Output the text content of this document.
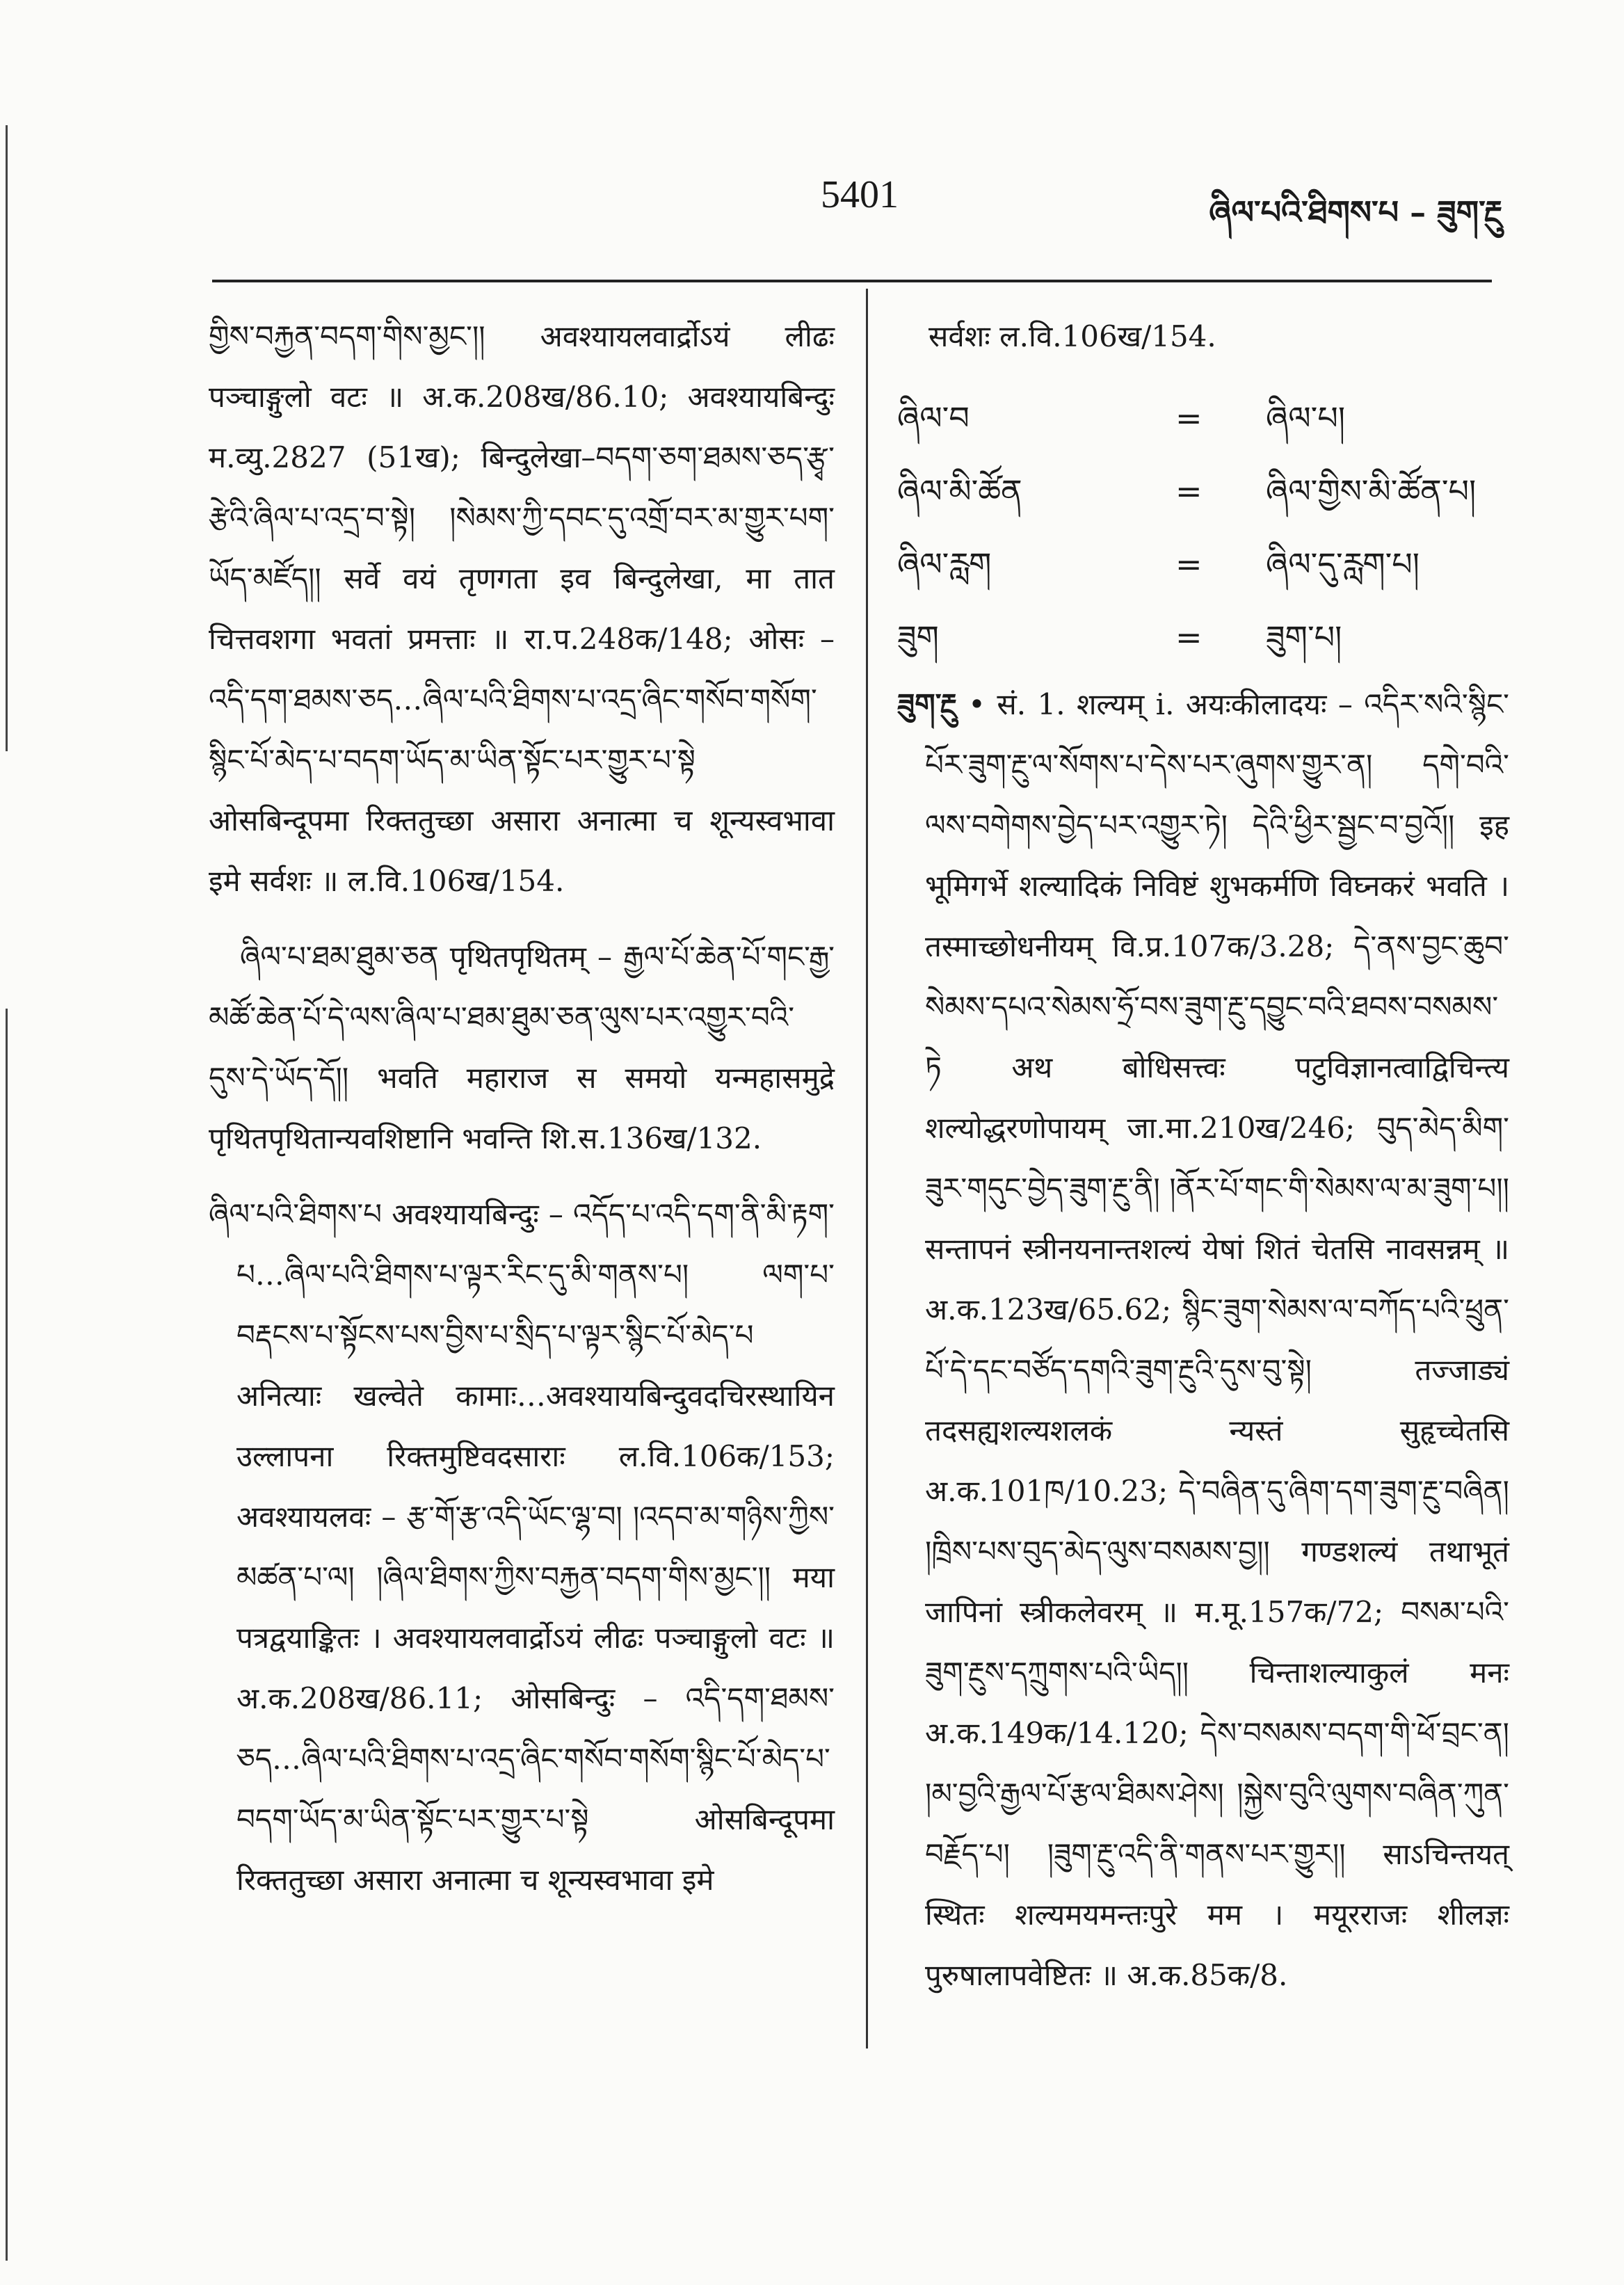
5401	ཞིལ་པའི་ཐིགས་པ – ཟུག་རྔུ

གྱིས་བརྐྱན་བདག་གིས་མྱང་།། अवश्यायलवार्द्रोऽयं लीढः पञ्चाङ्गुलो वटः ॥ अ.क.208ख/86.10; अवश्यायबिन्दुः म.व्यु.2827 (51ख); बिन्दुलेखा–བདག་ཅག་ཐམས་ཅད་རྩྭ་རྩེའི་ཞིལ་པ་འདྲ་བ་སྟེ། །སེམས་ཀྱི་དབང་དུ་འགྲོ་བར་མ་གྱུར་པག་ཡོད་མཛོད།། सर्वे वयं तृणगता इव बिन्दुलेखा, मा तात चित्तवशगा भवतां प्रमत्ताः ॥ रा.प.248क/148; ओसः – འདི་དག་ཐམས་ཅད…ཞིལ་པའི་ཐིགས་པ་འདྲ་ཞིང་གསོབ་གསོག་སྙིང་པོ་མེད་པ་བདག་ཡོད་མ་ཡིན་སྟོང་པར་གྱུར་པ་སྟེ ओसबिन्दूपमा रिक्ततुच्छा असारा अनात्मा च शून्यस्वभावा इमे सर्वशः ॥ ल.वि.106ख/154.

ཞིལ་པ་ཐམ་ཐུམ་ཅན पृथितपृथितम् – རྒྱལ་པོ་ཆེན་པོ་གང་རྒྱ་མཚོ་ཆེན་པོ་དེ་ལས་ཞིལ་པ་ཐམ་ཐུམ་ཅན་ལུས་པར་འགྱུར་བའི་དུས་དེ་ཡོད་དོ།། भवति महाराज स समयो यन्महासमुद्रे पृथितपृथितान्यवशिष्टानि भवन्ति शि.स.136ख/132.

ཞིལ་པའི་ཐིགས་པ अवश्यायबिन्दुः – འདོད་པ་འདི་དག་ནི་མི་རྟག་པ…ཞིལ་པའི་ཐིགས་པ་ལྟར་རིང་དུ་མི་གནས་པ། ལག་པ་བརྡངས་པ་སྟོངས་པས་བྱིས་པ་སྲིད་པ་ལྟར་སྙིང་པོ་མེད་པ अनित्याः खल्वेते कामाः…अवश्यायबिन्दुवदचिरस्थायिन उल्लापना रिक्तमुष्टिवदसाराः ल.वि.106क/153; अवश्यायलवः – རྩ་གོ་རྩ་འདི་ཡོང་ལྷ་བ། །འདབ་མ་གཉིས་ཀྱིས་མཚན་པ་ལ། །ཞིལ་ཐིགས་ཀྱིས་བརྐྱན་བདག་གིས་མྱང་།། मया पत्रद्वयाङ्कितः । अवश्यायलवार्द्रोऽयं लीढः पञ्चाङ्गुलो वटः ॥ अ.क.208ख/86.11; ओसबिन्दुः – འདི་དག་ཐམས་ཅད…ཞིལ་པའི་ཐིགས་པ་འདྲ་ཞིང་གསོབ་གསོག་སྙིང་པོ་མེད་པ་བདག་ཡོད་མ་ཡིན་སྟོང་པར་གྱུར་པ་སྟེ ओसबिन्दूपमा रिक्ततुच्छा असारा अनात्मा च शून्यस्वभावा इमे

सर्वशः ल.वि.106ख/154.

ཞིལ་བ	=	ཞིལ་པ།
ཞིལ་མི་ཚོན	=	ཞིལ་གྱིས་མི་ཚོན་པ།
ཞིལ་རླག	=	ཞིལ་དུ་རླག་པ།
ཟུག	=	ཟུག་པ།

ཟུག་རྔུ • सं. 1. शल्यम् i. अयःकीलादयः – འདིར་སའི་སྙིང་པོར་ཟུག་རྔུ་ལ་སོགས་པ་དེས་པར་ཞུགས་གྱུར་ན། དགེ་བའི་ལས་བགེགས་བྱེད་པར་འགྱུར་ཏེ། དེའི་ཕྱིར་སྦྱང་བ་བྱའོ།། इह भूमिगर्भे शल्यादिकं निविष्टं शुभकर्मणि विघ्नकरं भवति । तस्माच्छोधनीयम् वि.प्र.107क/3.28; དེ་ནས་བྱང་ཆུབ་སེམས་དཔའ་སེམས་ཧྲོ་བས་ཟུག་རྔུ་དབྱུང་བའི་ཐབས་བསམས་ཏེ अथ बोधिसत्त्वः पटुविज्ञानत्वाद्विचिन्त्य शल्योद्धरणोपायम् जा.मा.210ख/246; བུད་མེད་མིག་ཟུར་གདུང་བྱེད་ཟུག་རྔུ་ནི། །ནོར་པོ་གང་གི་སེམས་ལ་མ་ཟུག་པ།། सन्तापनं स्त्रीनयनान्तशल्यं येषां शितं चेतसि नावसन्नम् ॥ अ.क.123ख/65.62; སྙིང་ཟུག་སེམས་ལ་བཀོད་པའི་ཕྲུན་པོ་དེ་དང་བཙོད་དགའི་ཟུག་རྔུའི་དུས་བུ་སྟེ། तज्जाड्यं तदसह्यशल्यशलकं न्यस्तं सुहृच्चेतसि अ.क.101ཁ/10.23; དེ་བཞིན་དུ་ཞིག་དག་ཟུག་རྔུ་བཞིན། །ཁྲིས་པས་བུད་མེད་ལུས་བསམས་བྱ།། गण्डशल्यं तथाभूतं जापिनां स्त्रीकलेवरम् ॥ म.मू.157क/72; བསམ་པའི་ཟུག་རྔུས་དཀྲུགས་པའི་ཡིད།། चिन्ताशल्याकुलं मनः अ.क.149क/14.120; དེས་བསམས་བདག་གི་ཕོ་བྲང་ན། །མ་བྱའི་རྒྱལ་པོ་རྩལ་ཐིམས་ཤེས། །སྐྱེས་བུའི་ལུགས་བཞིན་ཀུན་བརྗོད་པ། །ཟུག་རྔུ་འདི་ནི་གནས་པར་གྱུར།། साऽचिन्तयत् स्थितः शल्यमयमन्तःपुरे मम । मयूरराजः शीलज्ञः पुरुषालापवेष्टितः ॥ अ.क.85क/8.
